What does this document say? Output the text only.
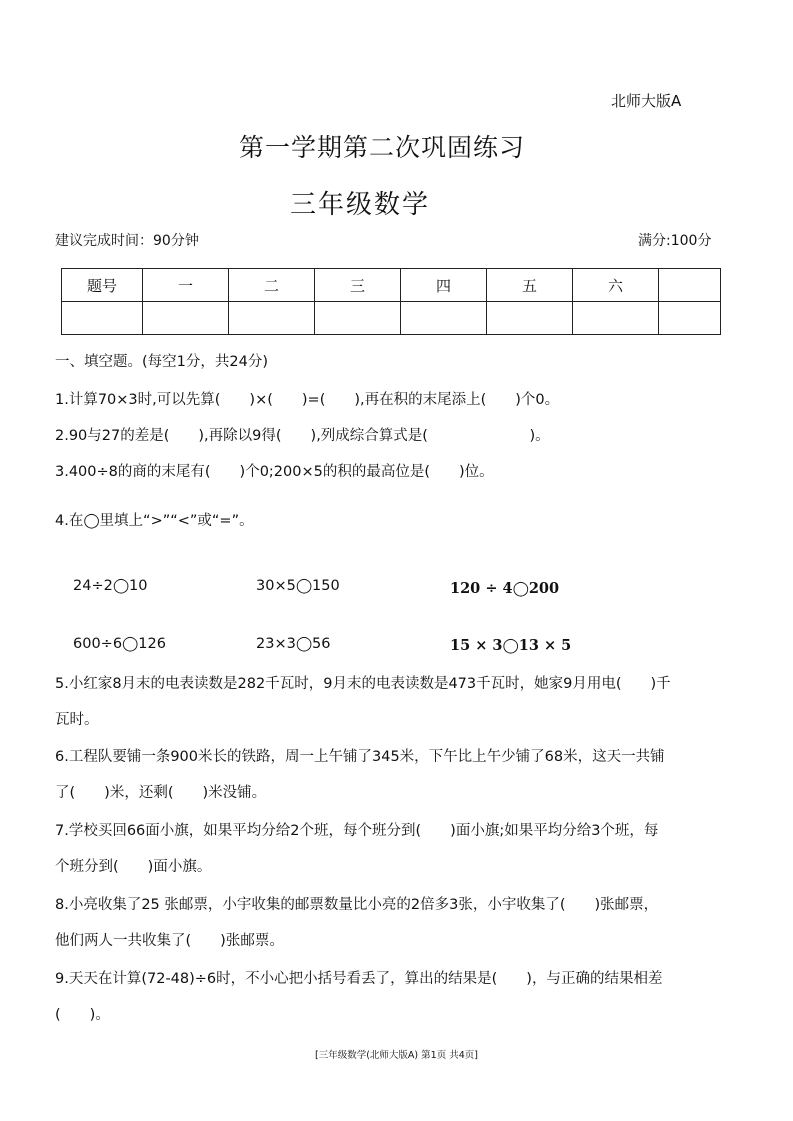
北师大版A
第一学期第二次巩固练习
三年级数学
建议完成时间：90分钟	满分:100分
题号	一	二	三	四	五	六	

一、填空题。(每空1分，共24分)
1.计算70×3时,可以先算(　　)×(　　)=(　　),再在积的末尾添上(　　)个0。
2.90与27的差是(　　),再除以9得(　　),列成综合算式是(　　　　　　　)。
3.400÷8的商的末尾有(　　)个0;200×5的积的最高位是(　　)位。
4.在◯里填上“>”“<”或“=”。
24÷2◯10	30×5◯150	120 ÷ 4◯200
600÷6◯126	23×3◯56	15 × 3◯13 × 5
5.小红家8月末的电表读数是282千瓦时，9月末的电表读数是473千瓦时，她家9月用电(　　)千
瓦时。
6.工程队要铺一条900米长的铁路，周一上午铺了345米，下午比上午少铺了68米，这天一共铺
了(　　)米，还剩(　　)米没铺。
7.学校买回66面小旗，如果平均分给2个班，每个班分到(　　)面小旗;如果平均分给3个班，每
个班分到(　　)面小旗。
8.小亮收集了25 张邮票，小宇收集的邮票数量比小亮的2倍多3张，小宇收集了(　　)张邮票，
他们两人一共收集了(　　)张邮票。
9.天天在计算(72-48)÷6时，不小心把小括号看丢了，算出的结果是(　　)，与正确的结果相差
(　　)。
[三年级数学(北师大版A) 第1页 共4页]
